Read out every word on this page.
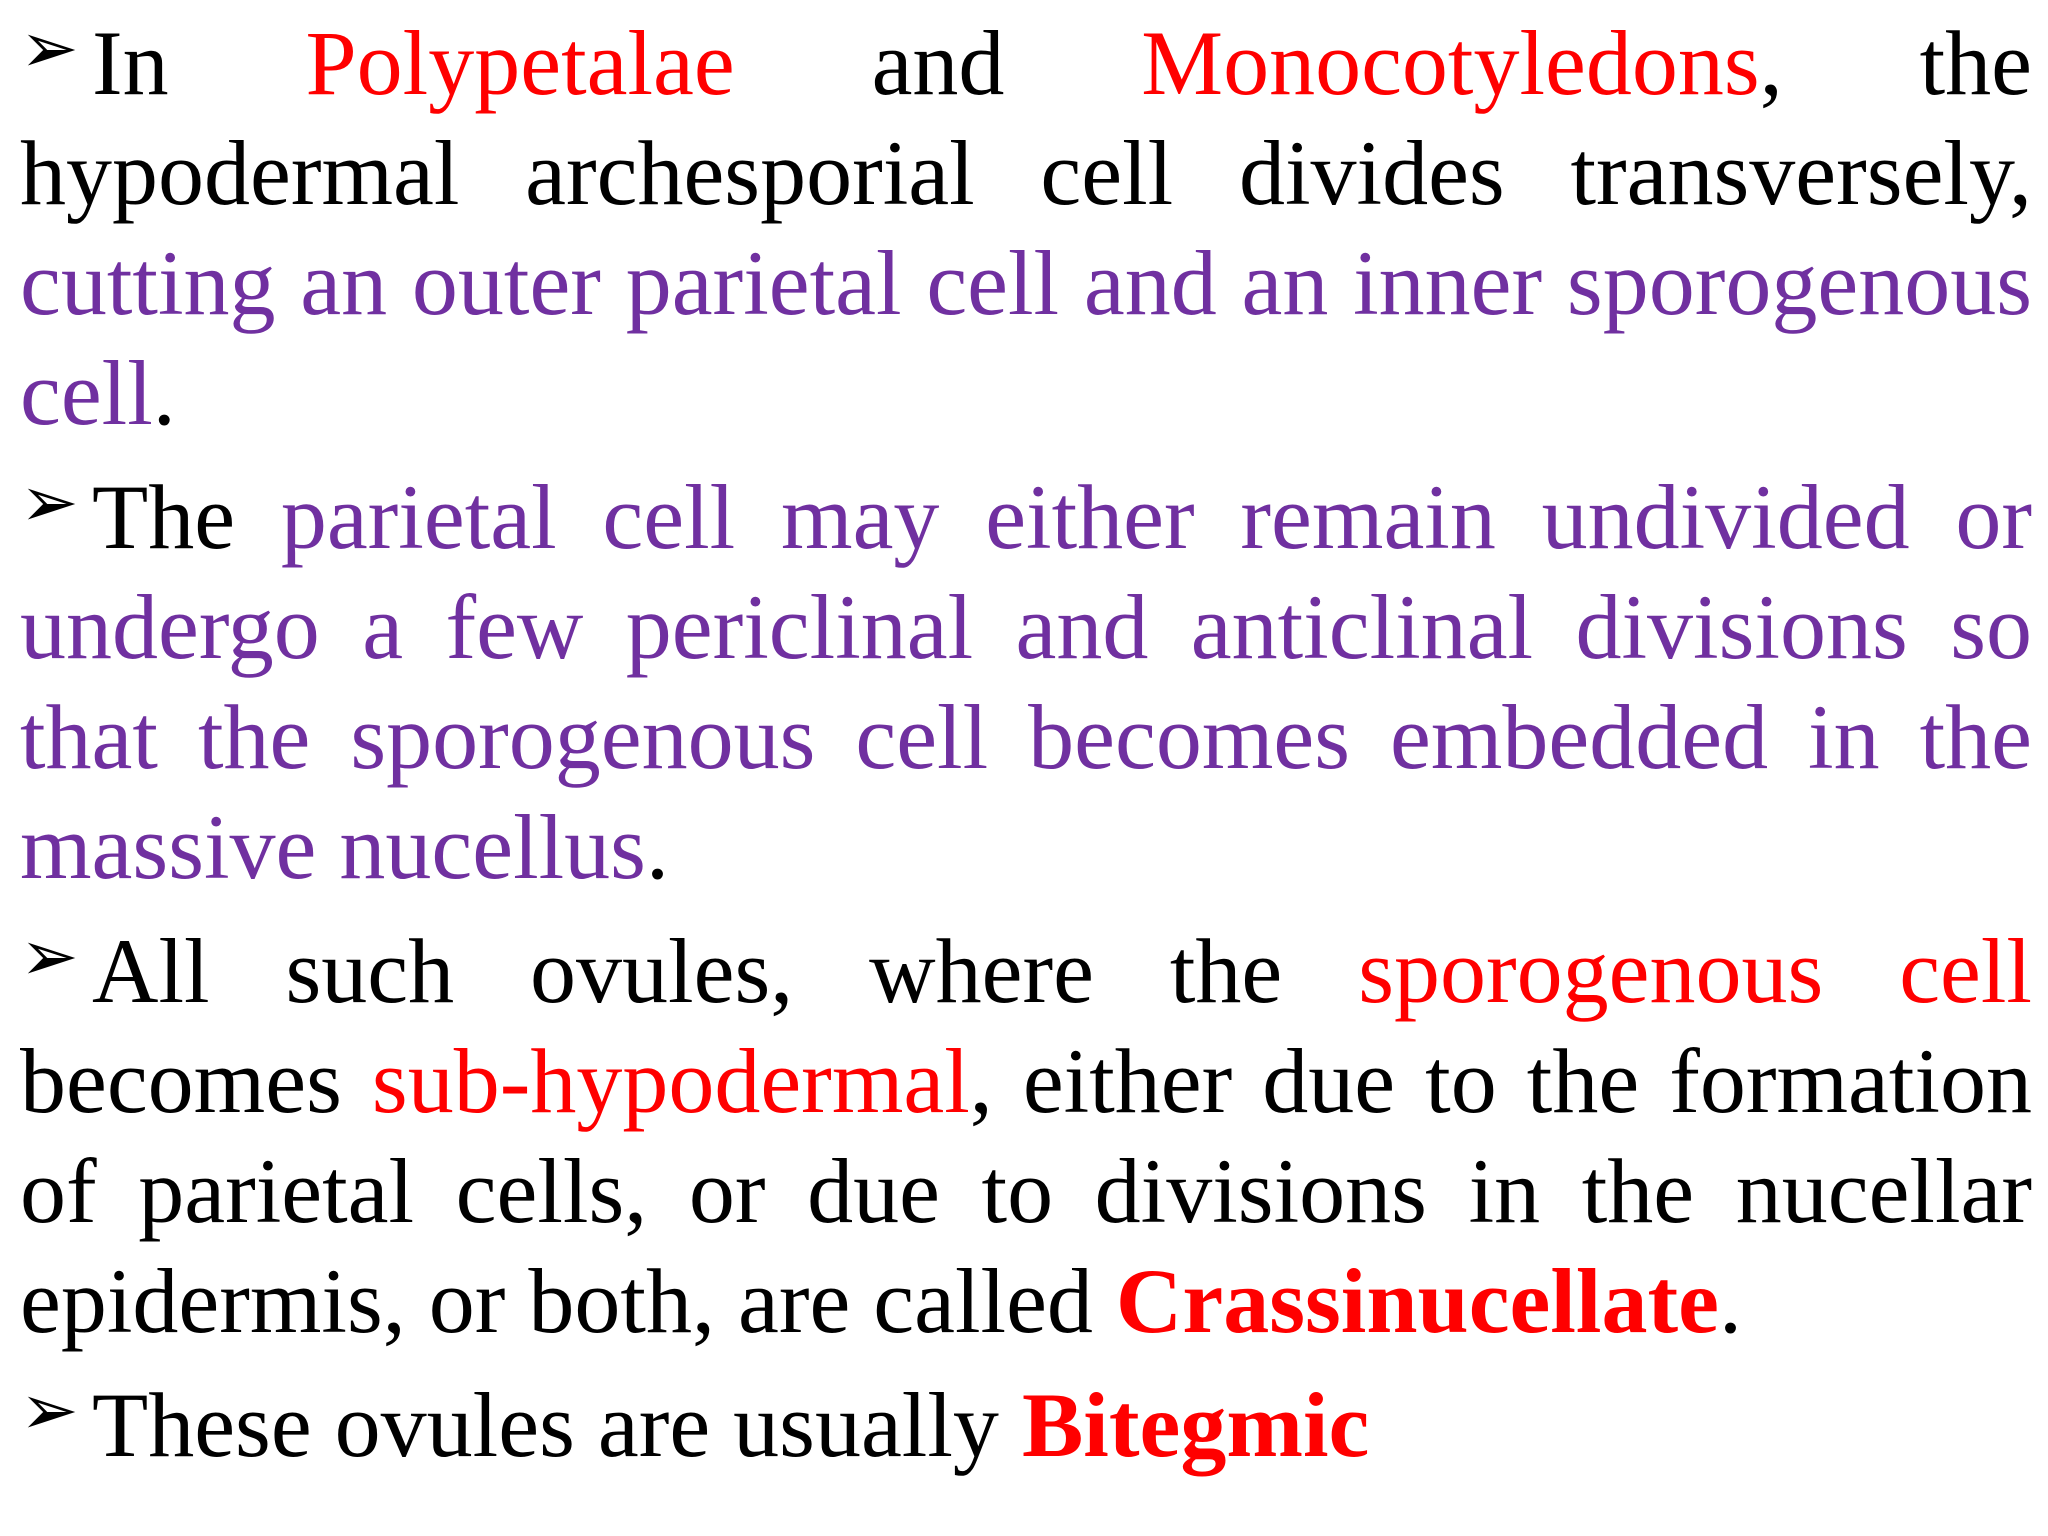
➢ In Polypetalae and Monocotyledons, the hypodermal archesporial cell divides transversely, cutting an outer parietal cell and an inner sporogenous cell.

➢ The parietal cell may either remain undivided or undergo a few periclinal and anticlinal divisions so that the sporogenous cell becomes embedded in the massive nucellus.

➢ All such ovules, where the sporogenous cell becomes sub-hypodermal, either due to the formation of parietal cells, or due to divisions in the nucellar epidermis, or both, are called Crassinucellate.

➢ These ovules are usually Bitegmic
